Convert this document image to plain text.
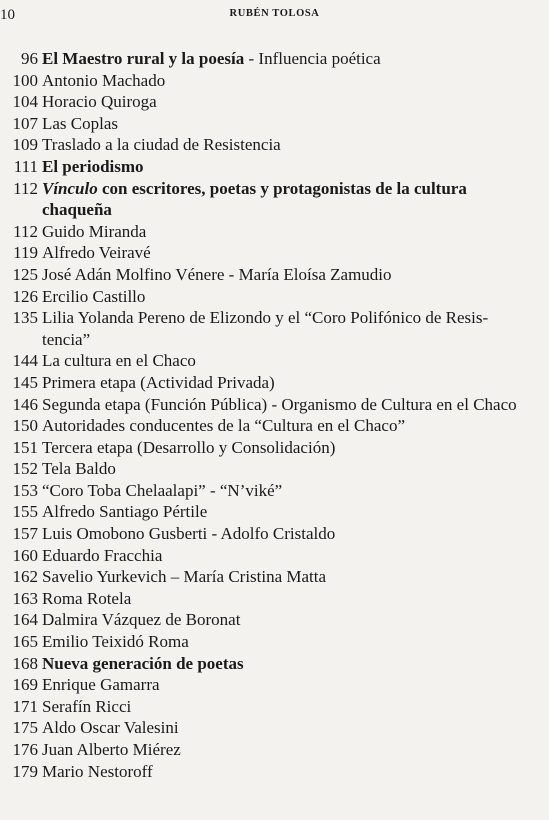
10	RUBÉN TOLOSA
96 El Maestro rural y la poesía - Influencia poética
100 Antonio Machado
104 Horacio Quiroga
107 Las Coplas
109 Traslado a la ciudad de Resistencia
111 El periodismo
112 Vínculo con escritores, poetas y protagonistas de la cultura chaqueña
112 Guido Miranda
119 Alfredo Veiravé
125 José Adán Molfino Vénere - María Eloísa Zamudio
126 Ercilio Castillo
135 Lilia Yolanda Pereno de Elizondo y el “Coro Polifónico de Resis-tencia”
144 La cultura en el Chaco
145 Primera etapa (Actividad Privada)
146 Segunda etapa (Función Pública) - Organismo de Cultura en el Chaco
150 Autoridades conducentes de la “Cultura en el Chaco”
151 Tercera etapa (Desarrollo y Consolidación)
152 Tela Baldo
153 “Coro Toba Chelaalapi” - “N’viké”
155 Alfredo Santiago Pértile
157 Luis Omobono Gusberti - Adolfo Cristaldo
160 Eduardo Fracchia
162 Savelio Yurkevich – María Cristina Matta
163 Roma Rotela
164 Dalmira Vázquez de Boronat
165 Emilio Teixidó Roma
168 Nueva generación de poetas
169 Enrique Gamarra
171 Serafín Ricci
175 Aldo Oscar Valesini
176 Juan Alberto Miérez
179 Mario Nestoroff
